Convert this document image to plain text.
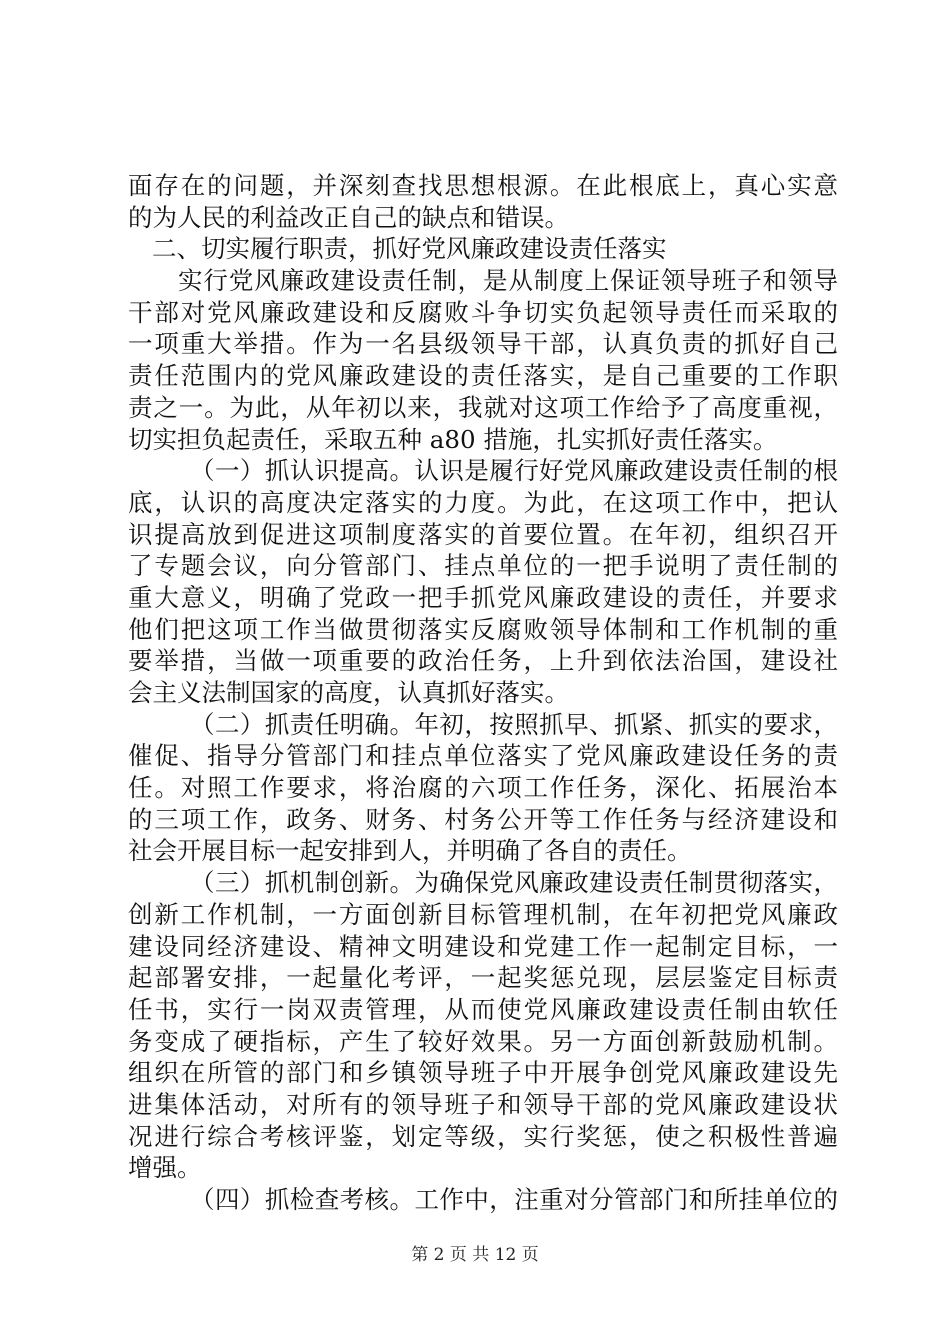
面存在的问题，并深刻查找思想根源。在此根底上，真心实意
的为人民的利益改正自己的缺点和错误。
二、切实履行职责，抓好党风廉政建设责任落实
实行党风廉政建设责任制，是从制度上保证领导班子和领导
干部对党风廉政建设和反腐败斗争切实负起领导责任而采取的
一项重大举措。作为一名县级领导干部，认真负责的抓好自己
责任范围内的党风廉政建设的责任落实，是自己重要的工作职
责之一。为此，从年初以来，我就对这项工作给予了高度重视，
切实担负起责任，采取五种 a80 措施，扎实抓好责任落实。
（一）抓认识提高。认识是履行好党风廉政建设责任制的根
底，认识的高度决定落实的力度。为此，在这项工作中，把认
识提高放到促进这项制度落实的首要位置。在年初，组织召开
了专题会议，向分管部门、挂点单位的一把手说明了责任制的
重大意义，明确了党政一把手抓党风廉政建设的责任，并要求
他们把这项工作当做贯彻落实反腐败领导体制和工作机制的重
要举措，当做一项重要的政治任务，上升到依法治国，建设社
会主义法制国家的高度，认真抓好落实。
（二）抓责任明确。年初，按照抓早、抓紧、抓实的要求，
催促、指导分管部门和挂点单位落实了党风廉政建设任务的责
任。对照工作要求，将治腐的六项工作任务，深化、拓展治本
的三项工作，政务、财务、村务公开等工作任务与经济建设和
社会开展目标一起安排到人，并明确了各自的责任。
（三）抓机制创新。为确保党风廉政建设责任制贯彻落实，
创新工作机制，一方面创新目标管理机制，在年初把党风廉政
建设同经济建设、精神文明建设和党建工作一起制定目标，一
起部署安排，一起量化考评，一起奖惩兑现，层层鉴定目标责
任书，实行一岗双责管理，从而使党风廉政建设责任制由软任
务变成了硬指标，产生了较好效果。另一方面创新鼓励机制。
组织在所管的部门和乡镇领导班子中开展争创党风廉政建设先
进集体活动，对所有的领导班子和领导干部的党风廉政建设状
况进行综合考核评鉴，划定等级，实行奖惩，使之积极性普遍
增强。
（四）抓检查考核。工作中，注重对分管部门和所挂单位的
第 2 页 共 12 页
